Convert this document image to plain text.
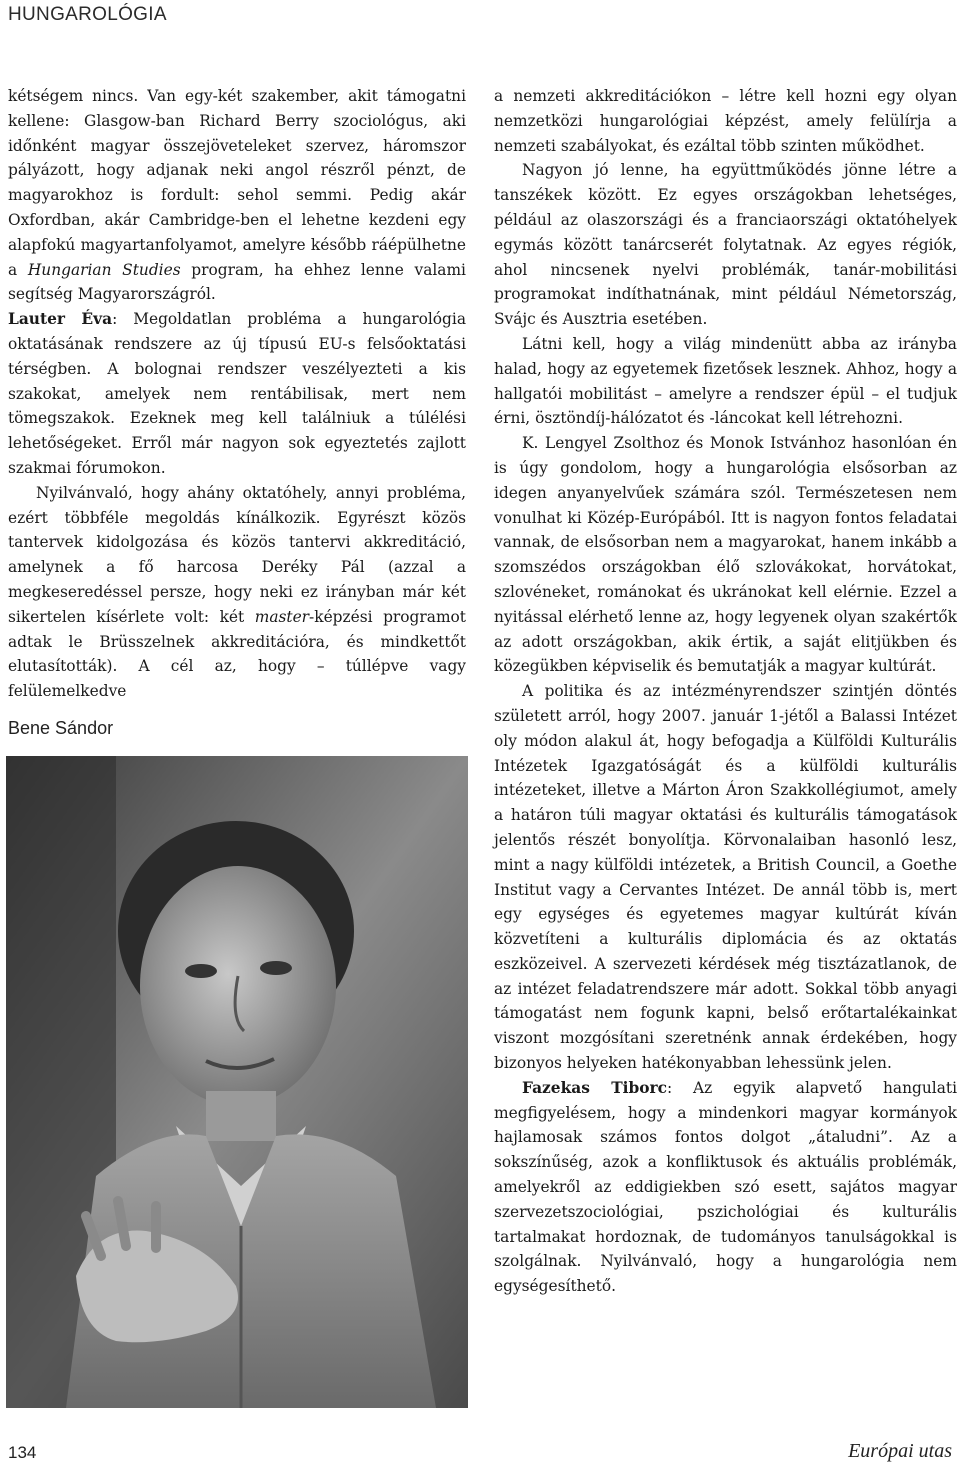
HUNGAROLÓGIA

kétségem nincs. Van egy-két szakember, akit támogatni kellene: Glasgow-ban Richard Berry szociológus, aki időnként magyar összejöveteleket szervez, háromszor pályázott, hogy adjanak neki angol részről pénzt, de magyarokhoz is fordult: sehol semmi. Pedig akár Oxfordban, akár Cambridge-ben el lehetne kezdeni egy alapfokú magyartanfolyamot, amelyre később ráépülhetne a Hungarian Studies program, ha ehhez lenne valami segítség Magyarországról.

Lauter Éva: Megoldatlan probléma a hungarológia oktatásának rendszere az új típusú EU-s felsőoktatási térségben. A bolognai rendszer veszélyezteti a kis szakokat, amelyek nem rentábilisak, mert nem tömegszakok. Ezeknek meg kell találniuk a túlélési lehetőségeket. Erről már nagyon sok egyeztetés zajlott szakmai fórumokon.

Nyilvánvaló, hogy ahány oktatóhely, annyi probléma, ezért többféle megoldás kínálkozik. Egyrészt közös tantervek kidolgozása és közös tantervi akkreditáció, amelynek a fő harcosa Deréky Pál (azzal a megkeseredéssel persze, hogy neki ez irányban már két sikertelen kísérlete volt: két master-képzési programot adtak le Brüsszelnek akkreditációra, és mindkettőt elutasították). A cél az, hogy – túllépve vagy felülemelkedve

Bene Sándor

a nemzeti akkreditációkon – létre kell hozni egy olyan nemzetközi hungarológiai képzést, amely felülírja a nemzeti szabályokat, és ezáltal több szinten működhet.

Nagyon jó lenne, ha együttműködés jönne létre a tanszékek között. Ez egyes országokban lehetséges, például az olaszországi és a franciaországi oktatóhelyek egymás között tanárcserét folytatnak. Az egyes régiók, ahol nincsenek nyelvi problémák, tanár-mobilitási programokat indíthatnának, mint például Németország, Svájc és Ausztria esetében.

Látni kell, hogy a világ mindenütt abba az irányba halad, hogy az egyetemek fizetősek lesznek. Ahhoz, hogy a hallgatói mobilitást – amelyre a rendszer épül – el tudjuk érni, ösztöndíj-hálózatot és -láncokat kell létrehozni.

K. Lengyel Zsolthoz és Monok Istvánhoz hasonlóan én is úgy gondolom, hogy a hungarológia elsősorban az idegen anyanyelvűek számára szól. Természetesen nem vonulhat ki Közép-Európából. Itt is nagyon fontos feladatai vannak, de elsősorban nem a magyarokat, hanem inkább a szomszédos országokban élő szlovákokat, horvátokat, szlovéneket, románokat és ukránokat kell elérnie. Ezzel a nyitással elérhető lenne az, hogy legyenek olyan szakértők az adott országokban, akik értik, a saját elitjükben és közegükben képviselik és bemutatják a magyar kultúrát.

A politika és az intézményrendszer szintjén döntés született arról, hogy 2007. január 1-jétől a Balassi Intézet oly módon alakul át, hogy befogadja a Külföldi Kulturális Intézetek Igazgatóságát és a külföldi kulturális intézeteket, illetve a Márton Áron Szakkollégiumot, amely a határon túli magyar oktatási és kulturális támogatások jelentős részét bonyolítja. Körvonalaiban hasonló lesz, mint a nagy külföldi intézetek, a British Council, a Goethe Institut vagy a Cervantes Intézet. De annál több is, mert egy egységes és egyetemes magyar kultúrát kíván közvetíteni a kulturális diplomácia és az oktatás eszközeivel. A szervezeti kérdések még tisztázatlanok, de az intézet feladatrendszere már adott. Sokkal több anyagi támogatást nem fogunk kapni, belső erőtartalékainkat viszont mozgósítani szeretnénk annak érdekében, hogy bizonyos helyeken hatékonyabban lehessünk jelen.

Fazekas Tiborc: Az egyik alapvető hangulati megfigyelésem, hogy a mindenkori magyar kormányok hajlamosak számos fontos dolgot „átaludni”. Az a sokszínűség, azok a konfliktusok és aktuális problémák, amelyekről az eddigiekben szó esett, sajátos magyar szervezetszociológiai, pszichológiai és kulturális tartalmakat hordoznak, de tudományos tanulságokkal is szolgálnak. Nyilvánvaló, hogy a hungarológia nem egységesíthető.

134	Európai utas
